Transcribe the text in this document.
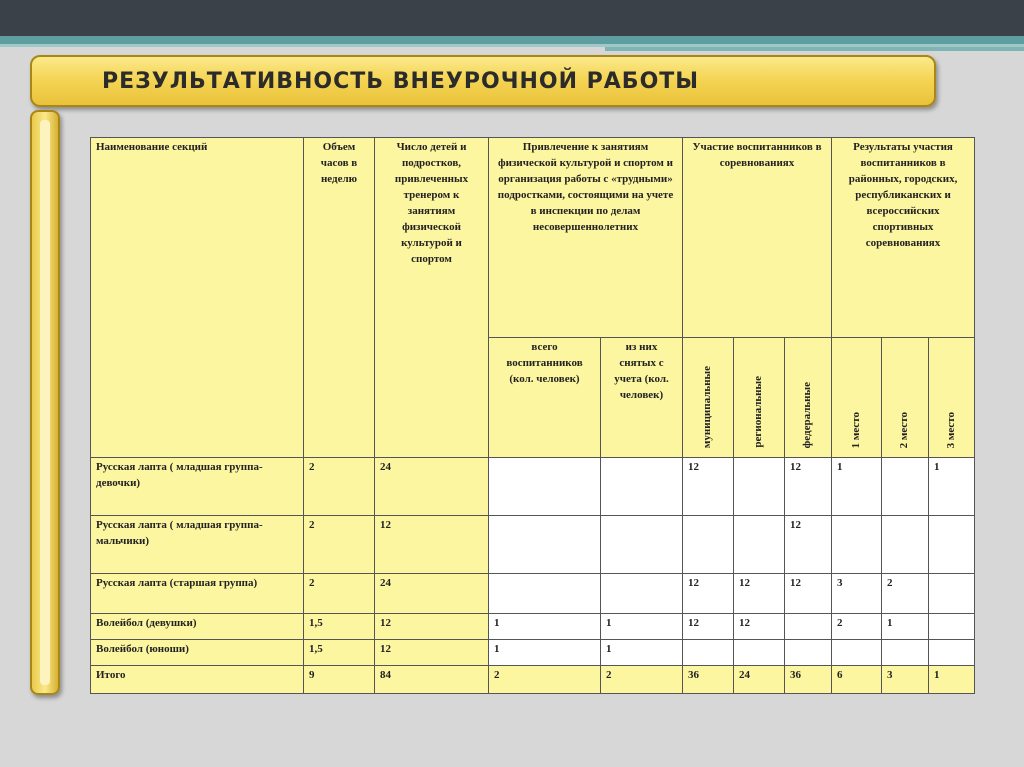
РЕЗУЛЬТАТИВНОСТЬ ВНЕУРОЧНОЙ РАБОТЫ
Наименование секций	Объем часов в неделю	Число детей и подростков, привлеченных тренером к занятиям физической культурой и спортом	Привлечение к занятиям физической культурой и спортом и организация работы с «трудными» подростками, состоящими на учете в инспекции по делам несовершеннолетних		Участие воспитанников в соревнованиях			Результаты участия воспитанников в районных, городских, республиканских и всероссийских спортивных соревнованиях		
			всего воспитанников (кол. человек)	из них снятых с учета (кол. человек)	муниципальные	региональные	федеральные	1 место	2 место	3 место

Русская лапта ( младшая группа-девочки)	2	24			12		12	1		1
Русская лапта ( младшая группа-мальчики)	2	12					12			
Русская лапта (старшая группа)	2	24			12	12	12	3	2	
Волейбол (девушки)	1,5	12	1	1	12	12		2	1	
Волейбол (юноши)	1,5	12	1	1						
Итого	9	84	2	2	36	24	36	6	3	1
